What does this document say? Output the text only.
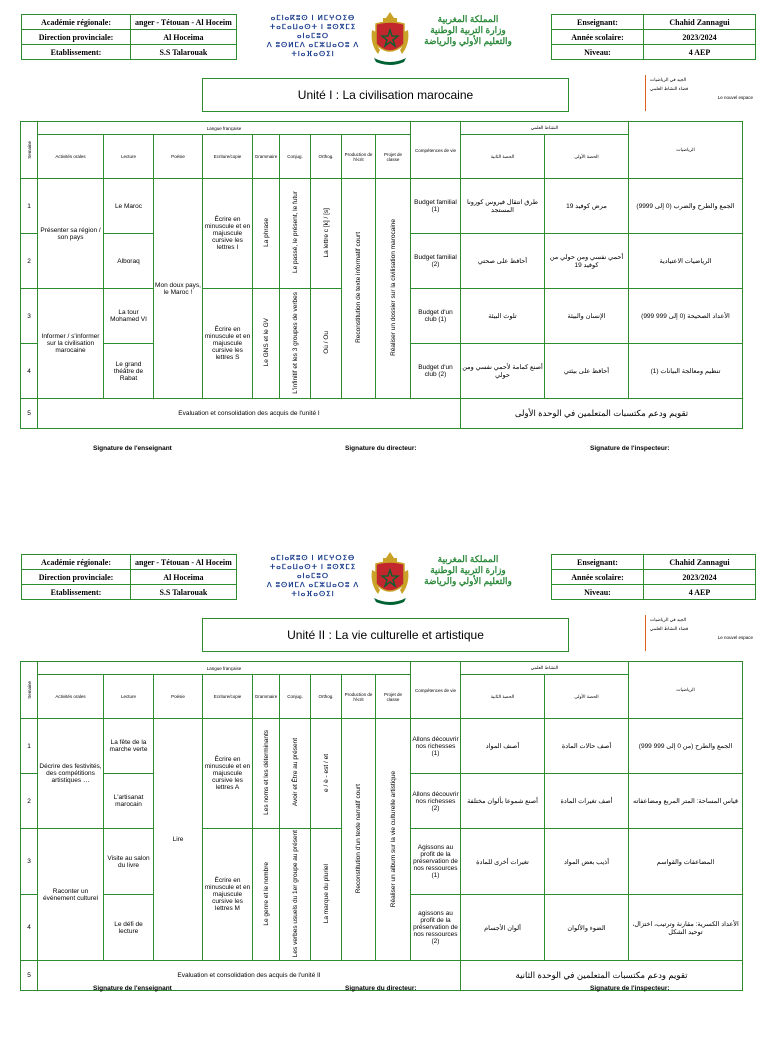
Académie régionale:	anger - Tétouan - Al Hoceim
Direction provinciale:	Al Hoceima
Etablissement:	S.S Talarouak
ⴰⵎⵏⴰⴽⵓⵙ ⵏ ⵍⵎⵖⵔⵉⴱ
ⵜⴰⵎⴰⵡⴰⵙⵜ ⵏ ⵓⵙⴳⵎⵉ ⴰⵏⴰⵎⵓⵔ
ⴷ ⵓⵙⵍⵎⴷ ⴰⵎⵣⵡⴰⵔⵓ ⴷ ⵜⵏⴰⴼⴰⵙⵉⵏ
المملكة المغربية
وزارة التربية الوطنية
والتعليم الأولي والرياضة
Enseignant:	Chahid Zannagui
Année scolaire:	2023/2024
Niveau:	4 AEP
الجيد في الرياضيات
فضاء النشاط العلمي
Le nouvel espace
Unité I : La civilisation marocaine
Semaine	Langue française									Compétences de vie	النشاط العلمي		الرياضيات
	Activités orales	Lecture	Poésie	Ecriture/copie	Grammaire	Conjug.	Orthog.	Production de l'écrit	Projet de classe		الحصة الثانية	الحصة الأولى	
1	Présenter sa région / son pays	Le Maroc	Mon doux pays, le Maroc !	Écrire en minuscule et en majuscule cursive les lettres I	La phrase	Le passé, le présent, le futur	La lettre c [k] / [s]	Reconstitution de texte informatif court	Réaliser un dossier sur la civilisation marocaine	Budget familial (1)	طرق انتقال فيروس كورونا المستجد	مرض كوفيد 19	الجمع والطرح والضرب (0 إلى 9999)
2		Alboraq								Budget familial (2)	أحافظ على صحتي	أحمي نفسي ومن حولي من كوفيد 19	الرياضيات الاعتيادية
3	Informer / s'informer sur la civilisation marocaine	La tour Mohamed VI		Écrire en minuscule et en majuscule cursive les lettres S	Le GNS et le GV	L'infinitif et les 3 groupes de verbes	Où / Ou			Budget d'un club (1)	تلوث البيئة	الإنسان والبيئة	الأعداد الصحيحة (0 إلى 999 999)
4		Le grand théâtre de Rabat								Budget d'un club (2)	أصنع كمامة لأحمي نفسي ومن حولي	أحافظ على بيئتي	تنظيم ومعالجة البيانات (1)
5	Evaluation et consolidation des acquis de l'unité I										تقويم ودعم مكتسبات المتعلمين في الوحدة الأولى		
Signature de l'enseignant	Signature du directeur:	Signature de l'inspecteur:
Académie régionale:	anger - Tétouan - Al Hoceim
Direction provinciale:	Al Hoceima
Etablissement:	S.S Talarouak
ⴰⵎⵏⴰⴽⵓⵙ ⵏ ⵍⵎⵖⵔⵉⴱ
ⵜⴰⵎⴰⵡⴰⵙⵜ ⵏ ⵓⵙⴳⵎⵉ ⴰⵏⴰⵎⵓⵔ
ⴷ ⵓⵙⵍⵎⴷ ⴰⵎⵣⵡⴰⵔⵓ ⴷ ⵜⵏⴰⴼⴰⵙⵉⵏ
المملكة المغربية
وزارة التربية الوطنية
والتعليم الأولي والرياضة
Enseignant:	Chahid Zannagui
Année scolaire:	2023/2024
Niveau:	4 AEP
الجيد في الرياضيات
فضاء النشاط العلمي
Le nouvel espace
Unité II : La vie culturelle et artistique
Semaine	Langue française									Compétences de vie	النشاط العلمي		الرياضيات
	Activités orales	Lecture	Poésie	Ecriture/copie	Grammaire	Conjug.	Orthog.	Production de l'écrit	Projet de classe		الحصة الثانية	الحصة الأولى	
1	Décrire des festivités, des compétitions artistiques …	La fête de la marche verte	Lire	Écrire en minuscule et en majuscule cursive les lettres A	Les noms et les déterminants	Avoir et Être au présent	e / è - est / et	Reconstitution d'un texte narratif court	Réaliser un album sur la vie culturelle artistique	Allons découvrir nos richesses (1)	أصنف المواد	أصف حالات المادة	الجمع والطرح (من 0 إلى 999 999)
2		L'artisanat marocain								Allons découvrir nos richesses (2)	أصنع شموعا بألوان مختلفة	أصف تغيرات المادة	قياس المساحة: المتر المربع ومضاعفاته
3	Raconter un événement culturel	Visite au salon du livre		Écrire en minuscule et en majuscule cursive les lettres M	Le genre et le nombre	Les verbes usuels du 1er groupe au présent	La marque du pluriel			Agissons au profit de la préservation de nos ressources (1)	تغيرات أخرى للمادة	أذيب بعض المواد	المضاعفات والقواسم
4		Le défi de lecture								agissons au profit de la préservation de nos ressources (2)	ألوان الأجسام	الضوء والألوان	الأعداد الكسرية: مقارنة وترتيب، اختزال، توحيد الشكل
5	Evaluation et consolidation des acquis de l'unité II										تقويم ودعم مكتسبات المتعلمين في الوحدة الثانية		
Signature de l'enseignant	Signature du directeur:	Signature de l'inspecteur:
